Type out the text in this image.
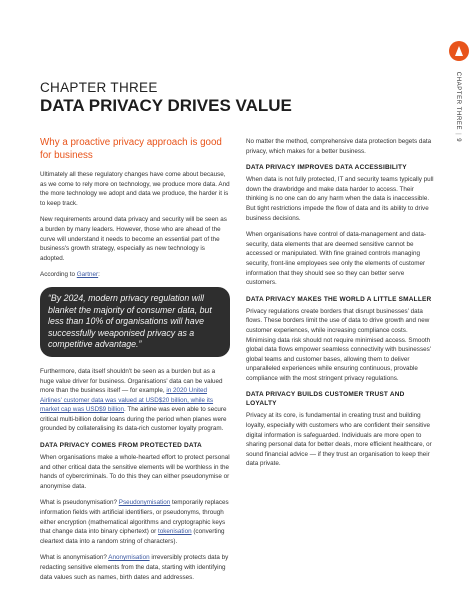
CHAPTER THREE|9
CHAPTER THREE
DATA PRIVACY DRIVES VALUE
Why a proactive privacy approach is good for business

Ultimately all these regulatory changes have come about because, as we come to rely more on technology, we produce more data. And the more technology we adopt and data we produce, the harder it is to keep track.

New requirements around data privacy and security will be seen as a burden by many leaders. However, those who are ahead of the curve will understand it needs to become an essential part of the business's growth strategy, especially as new technology is adopted.

According to Gartner:

“By 2024, modern privacy regulation will blanket the majority of consumer data, but less than 10% of organisations will have successfully weaponised privacy as a competitive advantage.”

Furthermore, data itself shouldn't be seen as a burden but as a huge value driver for business. Organisations' data can be valued more than the business itself — for example, in 2020 United Airlines' customer data was valued at USD$20 billion, while its market cap was USD$9 billion. The airline was even able to secure critical multi-billion dollar loans during the period when planes were grounded by collateralising its data-rich customer loyalty program.

DATA PRIVACY COMES FROM PROTECTED DATA

When organisations make a whole-hearted effort to protect personal and other critical data the sensitive elements will be worthless in the hands of cybercriminals. To do this they can either pseudonymise or anonymise data.

What is pseudonymisation? Pseudonymisation temporarily replaces information fields with artificial identifiers, or pseudonyms, through either encryption (mathematical algorithms and cryptographic keys that change data into binary ciphertext) or tokenisation (converting cleartext data into a random string of characters).

What is anonymisation? Anonymisation irreversibly protects data by redacting sensitive elements from the data, starting with identifying data values such as names, birth dates and addresses.

No matter the method, comprehensive data protection begets data privacy, which makes for a better business.

DATA PRIVACY IMPROVES DATA ACCESSIBILITY

When data is not fully protected, IT and security teams typically pull down the drawbridge and make data harder to access. Their thinking is no one can do any harm when the data is inaccessible. But tight restrictions impede the flow of data and its ability to drive business decisions.

When organisations have control of data-management and data-security, data elements that are deemed sensitive cannot be accessed or manipulated. With fine grained controls managing security, front-line employees see only the elements of customer information that they should see so they can better serve customers.

DATA PRIVACY MAKES THE WORLD A LITTLE SMALLER

Privacy regulations create borders that disrupt businesses' data flows. These borders limit the use of data to drive growth and new customer experiences, while increasing compliance costs. Minimising data risk should not require minimised access. Smooth global data flows empower seamless connectivity with businesses' global teams and customer bases, allowing them to deliver unparalleled experiences while ensuring continuous, provable compliance with the most stringent privacy regulations.

DATA PRIVACY BUILDS CUSTOMER TRUST AND LOYALTY

Privacy at its core, is fundamental in creating trust and building loyalty, especially with customers who are confident their sensitive digital information is safeguarded. Individuals are more open to sharing personal data for better deals, more efficient healthcare, or sound financial advice — if they trust an organisation to keep their data private.
